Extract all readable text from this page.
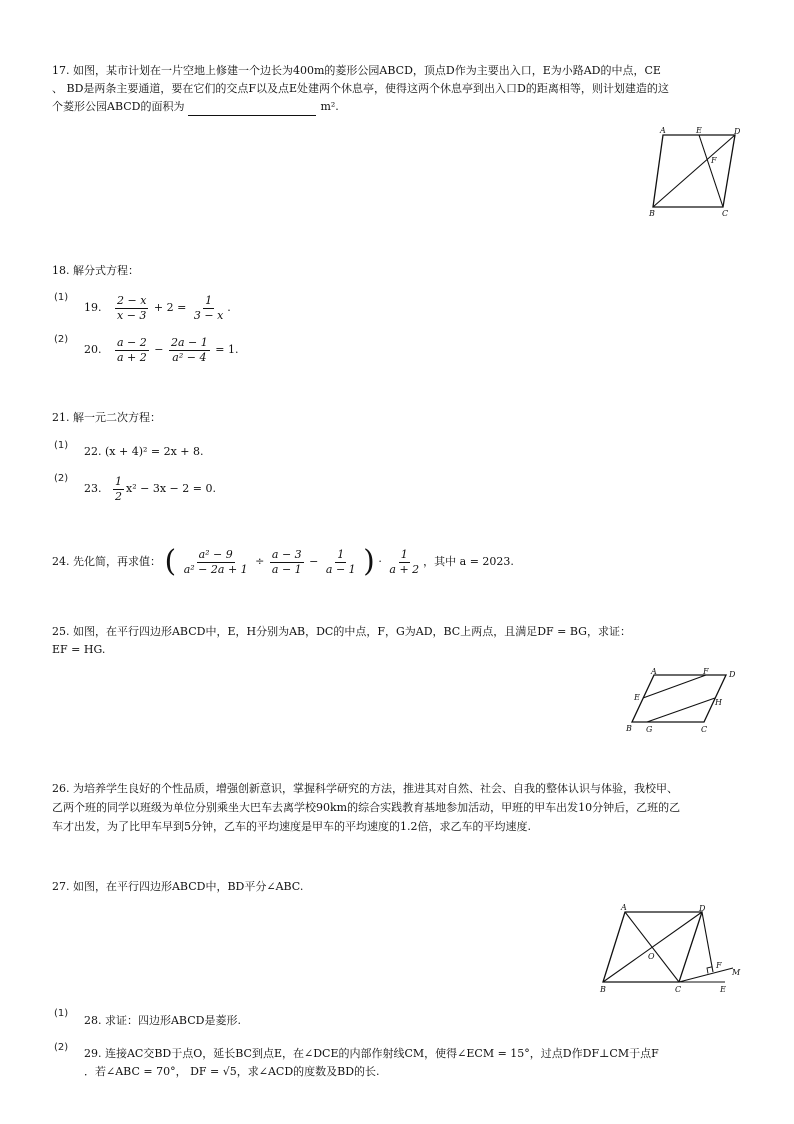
17. 如图，某市计划在一片空地上修建一个边长为400m的菱形公园ABCD，顶点D作为主要出入口，E为小路AD的中点，CE
、 BD是两条主要通道，要在它们的交点F以及点E处建两个休息亭，使得这两个休息亭到出入口D的距离相等，则计划建造的这
个菱形公园ABCD的面积为	m².
A	E	D
F
B	C
18. 解分式方程：
(1)
19. $\frac{2 - x}{x - 3} + 2 = \frac{1}{3 - x}$ .
(2)
20. $\frac{a - 2}{a + 2} - \frac{2a - 1}{\text{a² − 4}} = 1$.
21. 解一元二次方程：
(1) 22. (x + 4)² = 2x + 8.
(2)
23. $\frac{1}{2} x^2 - 3x - 2 = 0$.
24. 先化简，再求值： ( $\frac{\text{a² − 9}}{\text{a² − 2a + 1}} \div \frac{a - 3}{a - 1} - \frac{1}{a - 1}$ ) · $\frac{1}{a + 2}$ ，其中 a = 2023.
25. 如图，在平行四边形ABCD中，E，H分别为AB，DC的中点，F，G为AD，BC上两点，且满足DF = BG，求证：
EF = HG.
A	F	D
E
H
B G	C
26. 为培养学生良好的个性品质，增强创新意识，掌握科学研究的方法，推进其对自然、社会、自我的整体认识与体验，我校甲、
乙两个班的同学以班级为单位分别乘坐大巴车去离学校90km的综合实践教育基地参加活动，甲班的甲车出发10分钟后，乙班的乙
车才出发，为了比甲车早到5分钟，乙车的平均速度是甲车的平均速度的1.2倍，求乙车的平均速度.
27. 如图，在平行四边形ABCD中，BD平分∠ABC.
A	D
O
F
M
B	C	E
(1)
28. 求证：四边形ABCD是菱形.
(2) 29. 连接AC交BD于点O，延长BC到点E，在∠DCE的内部作射线CM，使得∠ECM = 15°，过点D作DF⊥CM于点F
．若∠ABC = 70°， DF = √5，求∠ACD的度数及BD的长.
